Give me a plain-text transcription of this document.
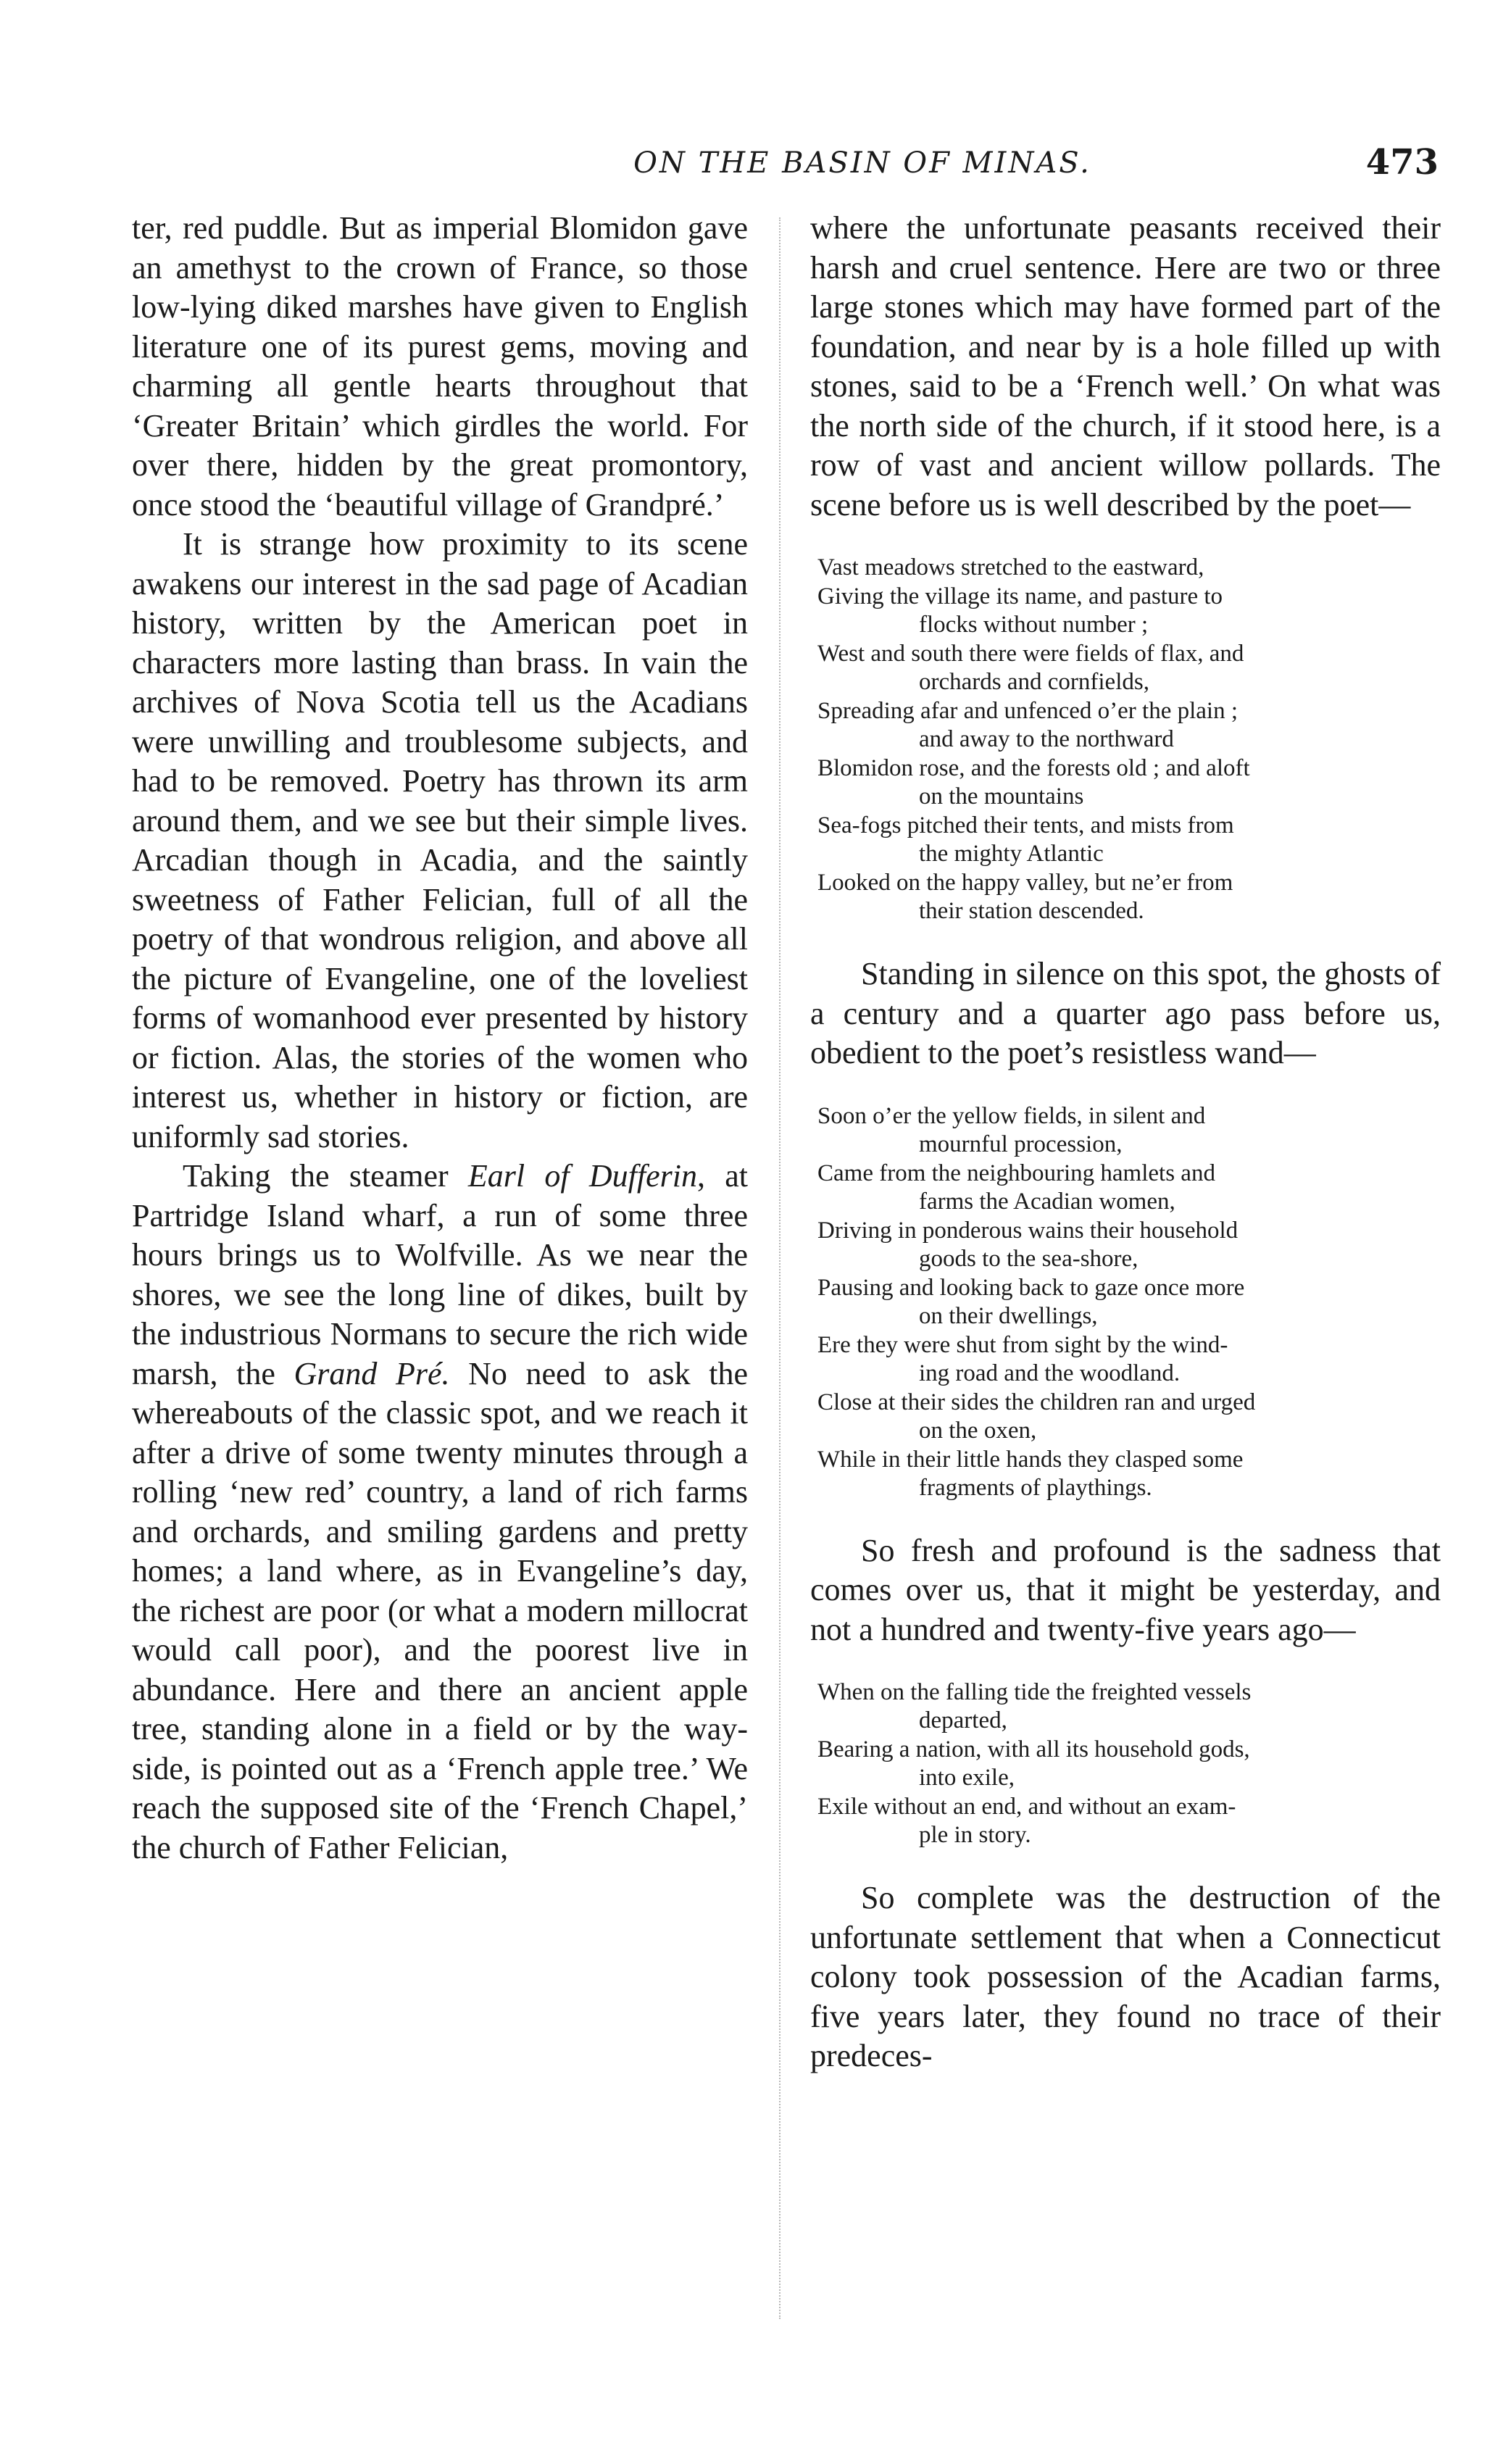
ON THE BASIN OF MINAS.	473

ter, red puddle. But as imperial Blomidon gave an amethyst to the crown of France, so those low-lying diked marshes have given to English literature one of its purest gems, moving and charming all gentle hearts throughout that ‘Greater Britain’ which girdles the world. For over there, hidden by the great promontory, once stood the ‘beautiful village of Grandpré.’

It is strange how proximity to its scene awakens our interest in the sad page of Acadian history, written by the American poet in characters more lasting than brass. In vain the archives of Nova Scotia tell us the Acadians were unwilling and troublesome subjects, and had to be removed. Poetry has thrown its arm around them, and we see but their simple lives. Arcadian though in Acadia, and the saintly sweetness of Father Felician, full of all the poetry of that wondrous religion, and above all the picture of Evangeline, one of the loveliest forms of womanhood ever presented by history or fiction. Alas, the stories of the women who interest us, whether in history or fiction, are uniformly sad stories.

Taking the steamer Earl of Dufferin, at Partridge Island wharf, a run of some three hours brings us to Wolfville. As we near the shores, we see the long line of dikes, built by the industrious Normans to secure the rich wide marsh, the Grand Pré. No need to ask the whereabouts of the classic spot, and we reach it after a drive of some twenty minutes through a rolling ‘new red’ country, a land of rich farms and orchards, and smiling gardens and pretty homes; a land where, as in Evangeline’s day, the richest are poor (or what a modern millocrat would call poor), and the poorest live in abundance. Here and there an ancient apple tree, standing alone in a field or by the way-side, is pointed out as a ‘French apple tree.’ We reach the supposed site of the ‘French Chapel,’ the church of Father Felician,

where the unfortunate peasants received their harsh and cruel sentence. Here are two or three large stones which may have formed part of the foundation, and near by is a hole filled up with stones, said to be a ‘French well.’ On what was the north side of the church, if it stood here, is a row of vast and ancient willow pollards. The scene before us is well described by the poet—

Vast meadows stretched to the eastward,
Giving the village its name, and pasture to
flocks without number ;
West and south there were fields of flax, and
orchards and cornfields,
Spreading afar and unfenced o’er the plain ;
and away to the northward
Blomidon rose, and the forests old ; and aloft
on the mountains
Sea-fogs pitched their tents, and mists from
the mighty Atlantic
Looked on the happy valley, but ne’er from
their station descended.

Standing in silence on this spot, the ghosts of a century and a quarter ago pass before us, obedient to the poet’s resistless wand—

Soon o’er the yellow fields, in silent and
mournful procession,
Came from the neighbouring hamlets and
farms the Acadian women,
Driving in ponderous wains their household
goods to the sea-shore,
Pausing and looking back to gaze once more
on their dwellings,
Ere they were shut from sight by the wind-
ing road and the woodland.
Close at their sides the children ran and urged
on the oxen,
While in their little hands they clasped some
fragments of playthings.

So fresh and profound is the sadness that comes over us, that it might be yesterday, and not a hundred and twenty-five years ago—

When on the falling tide the freighted vessels
departed,
Bearing a nation, with all its household gods,
into exile,
Exile without an end, and without an exam-
ple in story.

So complete was the destruction of the unfortunate settlement that when a Connecticut colony took possession of the Acadian farms, five years later, they found no trace of their predeces-
